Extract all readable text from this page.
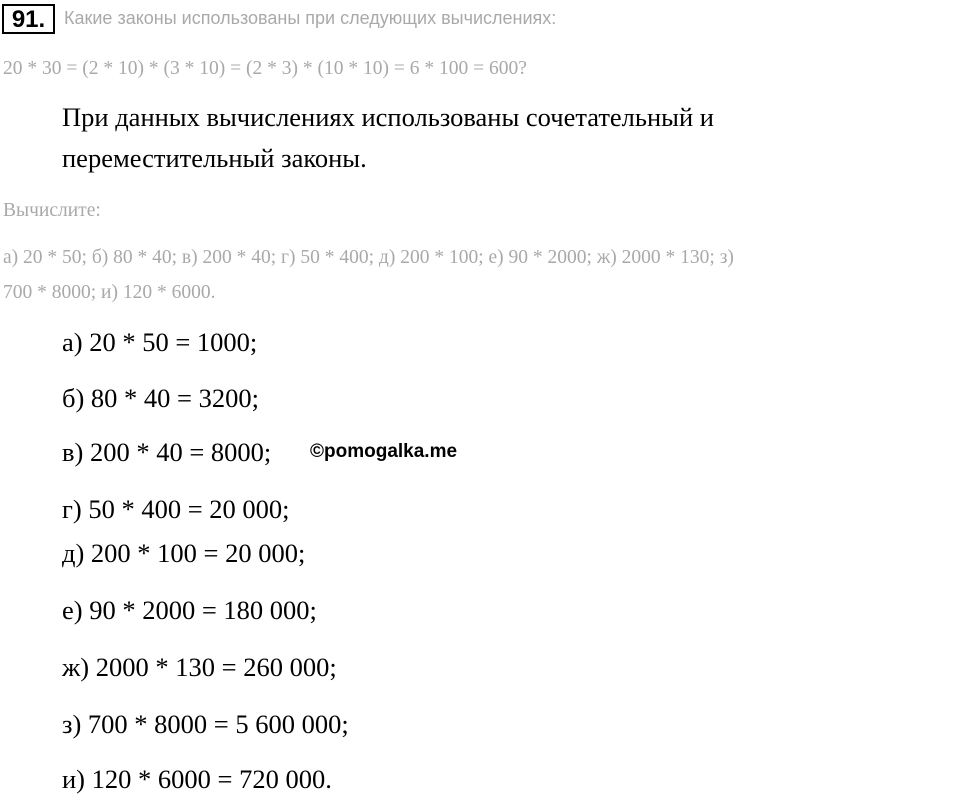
91.	Какие законы использованы при следующих вычислениях:
20 * 30 = (2 * 10) * (3 * 10) = (2 * 3) * (10 * 10) = 6 * 100 = 600?
При данных вычислениях использованы сочетательный и
переместительный законы.
Вычислите:
а) 20 * 50; б) 80 * 40; в) 200 * 40; г) 50 * 400; д) 200 * 100; е) 90 * 2000; ж) 2000 * 130; з)
700 * 8000; и) 120 * 6000.
а) 20 * 50 = 1000;
б) 80 * 40 = 3200;
в) 200 * 40 = 8000; ©pomogalka.me
г) 50 * 400 = 20 000;
д) 200 * 100 = 20 000;
е) 90 * 2000 = 180 000;
ж) 2000 * 130 = 260 000;
з) 700 * 8000 = 5 600 000;
и) 120 * 6000 = 720 000.
